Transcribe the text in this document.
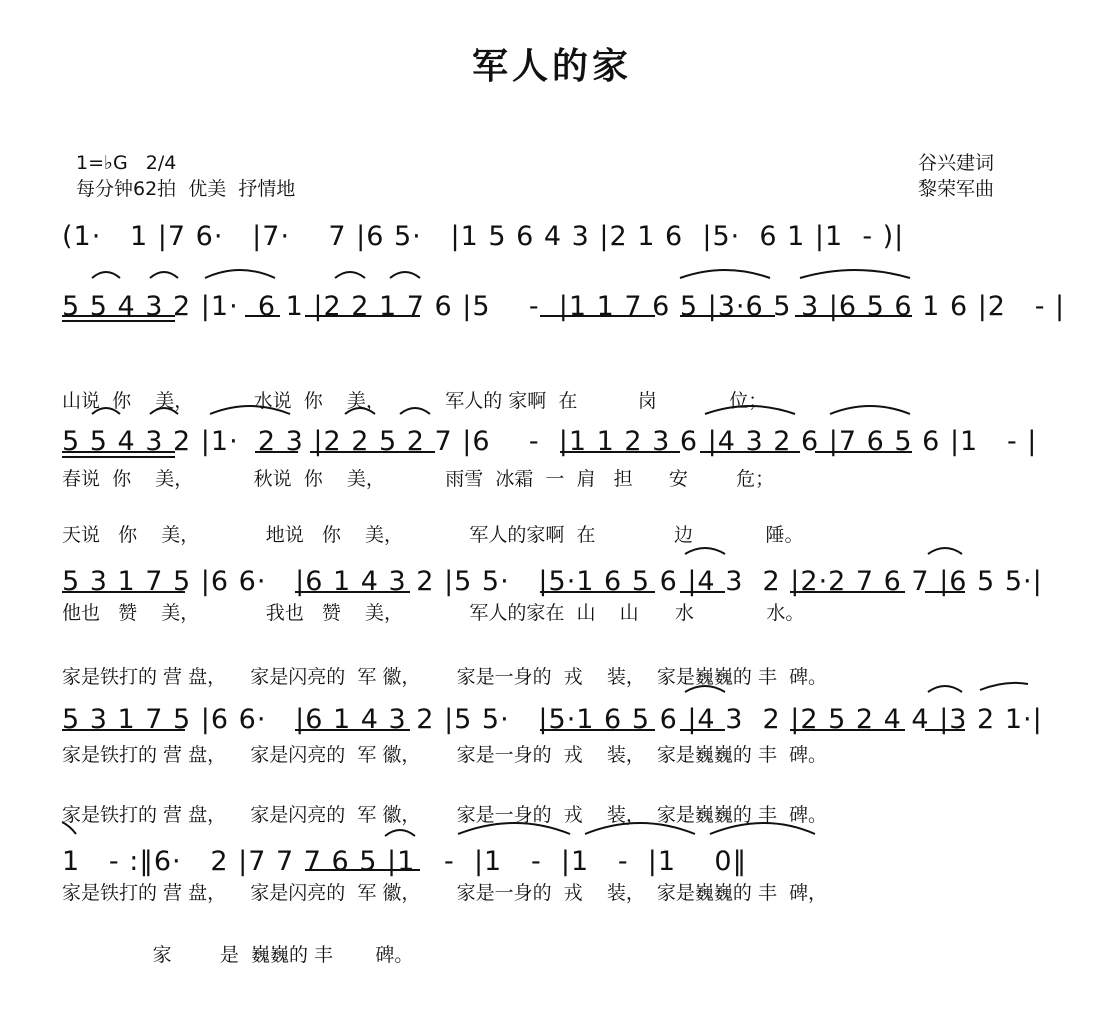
军人的家
1=♭G   2/4
每分钟62拍  优美  抒情地
谷兴建词
黎荣军曲
(1·   1 |7 6·   |7·    7 |6 5·   |1 5 6 4 3 |2 1 6  |5·  6 1 |1  - )|
5 5 4 3 2 |1·  6 1 |2 2 1 7 6 |5    -  |1 1 7 6 5 |3·6 5 3 |6 5 6 1 6 |2   - |

山说  你    美，          水说  你    美，          军人的 家啊  在          岗            位；

春说  你    美，          秋说  你    美，          雨雪  冰霜  一  肩   担      安        危；

5 5 4 3 2 |1·  2 3 |2 2 5 2 7 |6    -  |1 1 2 3 6 |4 3 2 6 |7 6 5 6 |1   - |

天说   你    美，           地说   你    美，           军人的家啊  在             边            陲。

他也   赞    美，           我也   赞    美，           军人的家在  山    山      水            水。

5 3 1 7 5 |6 6·   |6 1 4 3 2 |5 5·   |5·1 6 5 6 |4 3  2 |2·2 7 6 7 |6 5 5·|

家是铁打的 营 盘，    家是闪亮的  军 徽，      家是一身的  戎    装，  家是巍巍的 丰  碑。

家是铁打的 营 盘，    家是闪亮的  军 徽，      家是一身的  戎    装，  家是巍巍的 丰  碑。

5 3 1 7 5 |6 6·   |6 1 4 3 2 |5 5·   |5·1 6 5 6 |4 3  2 |2 5 2 4 4 |3 2 1·|

家是铁打的 营 盘，    家是闪亮的  军 徽，      家是一身的  戎    装，  家是巍巍的 丰  碑。

家是铁打的 营 盘，    家是闪亮的  军 徽，      家是一身的  戎    装，  家是巍巍的 丰  碑，

1   - :‖6·   2 |7 7 7 6 5 |1   -  |1   -  |1   -  |1    0‖

家        是  巍巍的 丰       碑。
